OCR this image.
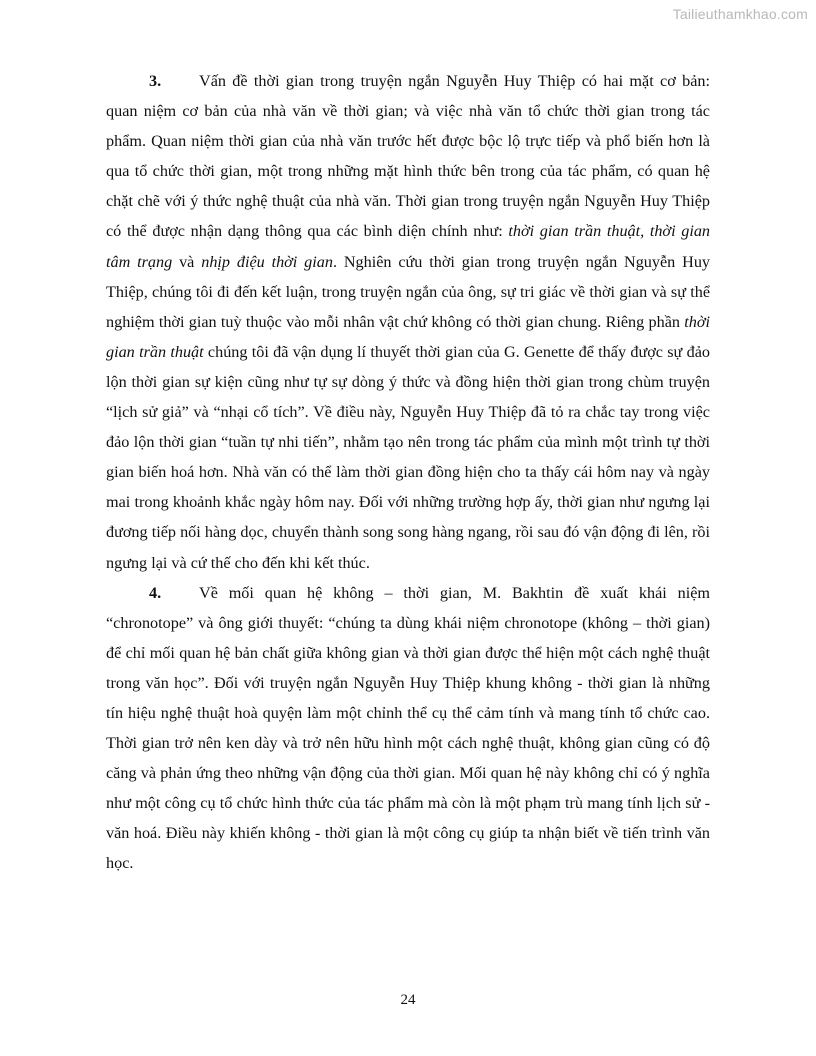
Tailieuthamkhao.com

3. Vấn đề thời gian trong truyện ngắn Nguyễn Huy Thiệp có hai mặt cơ bản: quan niệm cơ bản của nhà văn về thời gian; và việc nhà văn tổ chức thời gian trong tác phẩm. Quan niệm thời gian của nhà văn trước hết được bộc lộ trực tiếp và phổ biến hơn là qua tổ chức thời gian, một trong những mặt hình thức bên trong của tác phẩm, có quan hệ chặt chẽ với ý thức nghệ thuật của nhà văn. Thời gian trong truyện ngắn Nguyễn Huy Thiệp có thể được nhận dạng thông qua các bình diện chính như: thời gian trần thuật, thời gian tâm trạng và nhịp điệu thời gian. Nghiên cứu thời gian trong truyện ngắn Nguyễn Huy Thiệp, chúng tôi đi đến kết luận, trong truyện ngắn của ông, sự tri giác về thời gian và sự thể nghiệm thời gian tuỳ thuộc vào mỗi nhân vật chứ không có thời gian chung. Riêng phần thời gian trần thuật chúng tôi đã vận dụng lí thuyết thời gian của G. Genette để thấy được sự đảo lộn thời gian sự kiện cũng như tự sự dòng ý thức và đồng hiện thời gian trong chùm truyện “lịch sử giả” và “nhại cổ tích”. Về điều này, Nguyễn Huy Thiệp đã tỏ ra chắc tay trong việc đảo lộn thời gian “tuần tự nhi tiến”, nhằm tạo nên trong tác phẩm của mình một trình tự thời gian biến hoá hơn. Nhà văn có thể làm thời gian đồng hiện cho ta thấy cái hôm nay và ngày mai trong khoảnh khắc ngày hôm nay. Đối với những trường hợp ấy, thời gian như ngưng lại đương tiếp nối hàng dọc, chuyển thành song song hàng ngang, rồi sau đó vận động đi lên, rồi ngưng lại và cứ thế cho đến khi kết thúc.

4. Về mối quan hệ không – thời gian, M. Bakhtin đề xuất khái niệm “chronotope” và ông giới thuyết: “chúng ta dùng khái niệm chronotope (không – thời gian) để chỉ mối quan hệ bản chất giữa không gian và thời gian được thể hiện một cách nghệ thuật trong văn học”. Đối với truyện ngắn Nguyễn Huy Thiệp khung không - thời gian là những tín hiệu nghệ thuật hoà quyện làm một chỉnh thể cụ thể cảm tính và mang tính tổ chức cao. Thời gian trở nên ken dày và trở nên hữu hình một cách nghệ thuật, không gian cũng có độ căng và phản ứng theo những vận động của thời gian. Mối quan hệ này không chỉ có ý nghĩa như một công cụ tổ chức hình thức của tác phẩm mà còn là một phạm trù mang tính lịch sử - văn hoá. Điều này khiến không - thời gian là một công cụ giúp ta nhận biết về tiến trình văn học.

24
